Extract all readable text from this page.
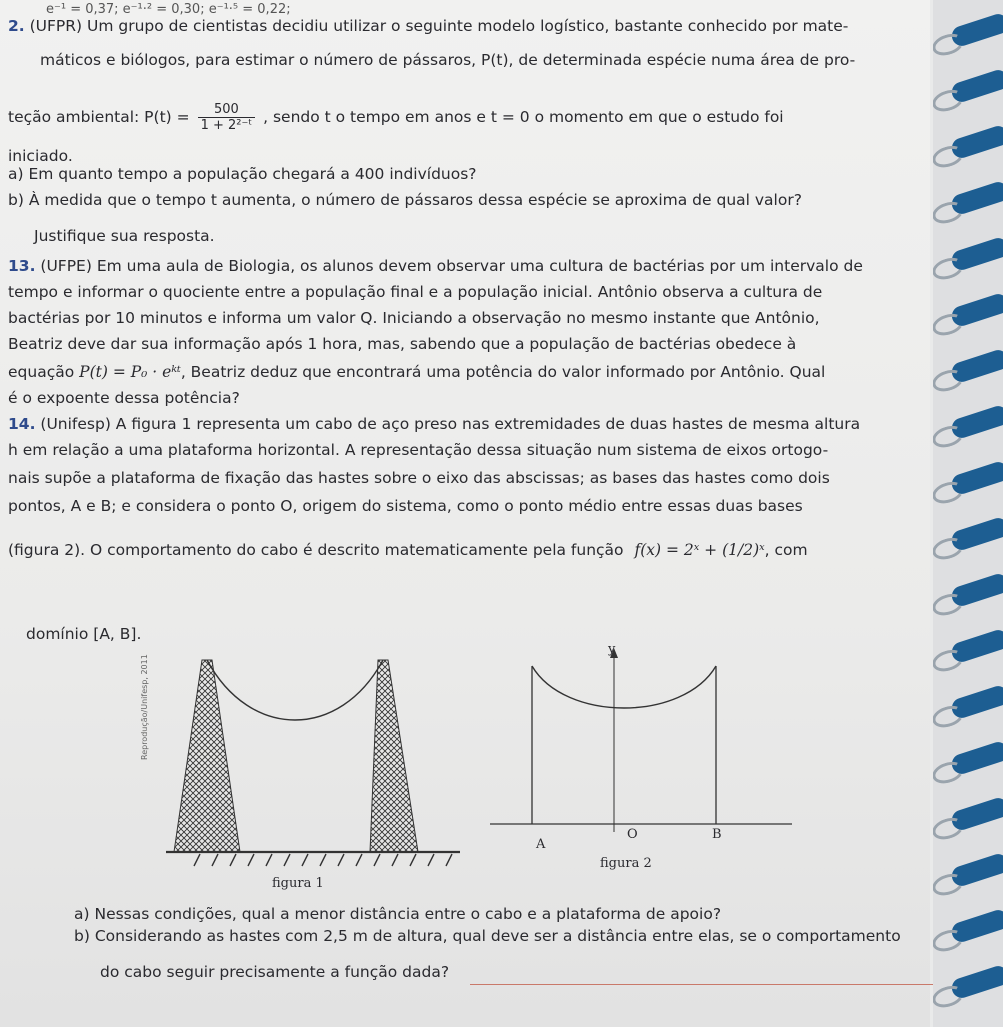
e⁻¹ = 0,37; e⁻¹·² = 0,30; e⁻¹·⁵ = 0,22;
2. (UFPR) Um grupo de cientistas decidiu utilizar o seguinte modelo logístico, bastante conhecido por mate-
máticos e biólogos, para estimar o número de pássaros, P(t), de determinada espécie numa área de pro-
teção ambiental: $P(t) = \frac{500}{\text{1 + 2²⁻ᵗ}}$ , sendo t o tempo em anos e t = 0 o momento em que o estudo foi
iniciado.
a) Em quanto tempo a população chegará a 400 indivíduos?
b) À medida que o tempo t aumenta, o número de pássaros dessa espécie se aproxima de qual valor?
Justifique sua resposta.
13. (UFPE) Em uma aula de Biologia, os alunos devem observar uma cultura de bactérias por um intervalo de
tempo e informar o quociente entre a população final e a população inicial. Antônio observa a cultura de
bactérias por 10 minutos e informa um valor Q. Iniciando a observação no mesmo instante que Antônio,
Beatriz deve dar sua informação após 1 hora, mas, sabendo que a população de bactérias obedece à
equação P(t) = P₀ · eᵏᵗ, Beatriz deduz que encontrará uma potência do valor informado por Antônio. Qual
é o expoente dessa potência?
14. (Unifesp) A figura 1 representa um cabo de aço preso nas extremidades de duas hastes de mesma altura
h em relação a uma plataforma horizontal. A representação dessa situação num sistema de eixos ortogo-
nais supõe a plataforma de fixação das hastes sobre o eixo das abscissas; as bases das hastes como dois
pontos, A e B; e considera o ponto O, origem do sistema, como o ponto médio entre essas duas bases
(figura 2). O comportamento do cabo é descrito matematicamente pela função f(x) = 2ˣ + (1/2)ˣ, com
domínio [A, B].
Reprodução/Unifesp, 2011
figura 1
y
A
O	B
figura 2
a) Nessas condições, qual a menor distância entre o cabo e a plataforma de apoio?
b) Considerando as hastes com 2,5 m de altura, qual deve ser a distância entre elas, se o comportamento
do cabo seguir precisamente a função dada?
